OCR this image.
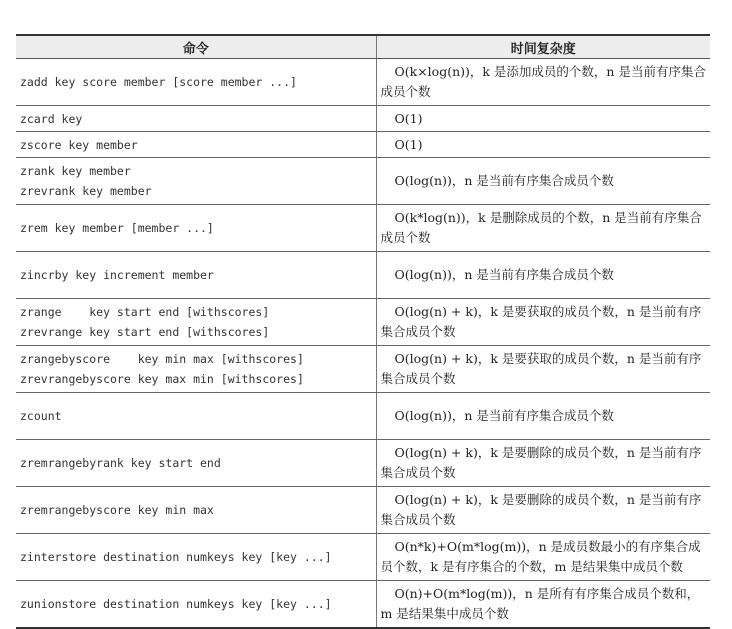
命令	时间复杂度

zadd key score member [score member ...]	O(k×log(n))，k 是添加成员的个数，n 是当前有序集合成员个数

zcard key	O(1)

zscore key member	O(1)

zrank key member
zrevrank key member	O(log(n))，n 是当前有序集合成员个数

zrem key member [member ...]	O(k*log(n))，k 是删除成员的个数，n 是当前有序集合成员个数

zincrby key increment member	O(log(n))，n 是当前有序集合成员个数

zrange    key start end [withscores]
zrevrange key start end [withscores]	O(log(n) + k)，k 是要获取的成员个数，n 是当前有序集合成员个数

zrangebyscore    key min max [withscores]
zrevrangebyscore key max min [withscores]	O(log(n) + k)，k 是要获取的成员个数，n 是当前有序集合成员个数

zcount	O(log(n))，n 是当前有序集合成员个数

zremrangebyrank key start end	O(log(n) + k)，k 是要删除的成员个数，n 是当前有序集合成员个数

zremrangebyscore key min max	O(log(n) + k)，k 是要删除的成员个数，n 是当前有序集合成员个数

zinterstore destination numkeys key [key ...]	O(n*k)+O(m*log(m))，n 是成员数最小的有序集合成员个数，k 是有序集合的个数，m 是结果集中成员个数

zunionstore destination numkeys key [key ...]	O(n)+O(m*log(m))，n 是所有有序集合成员个数和，m 是结果集中成员个数
